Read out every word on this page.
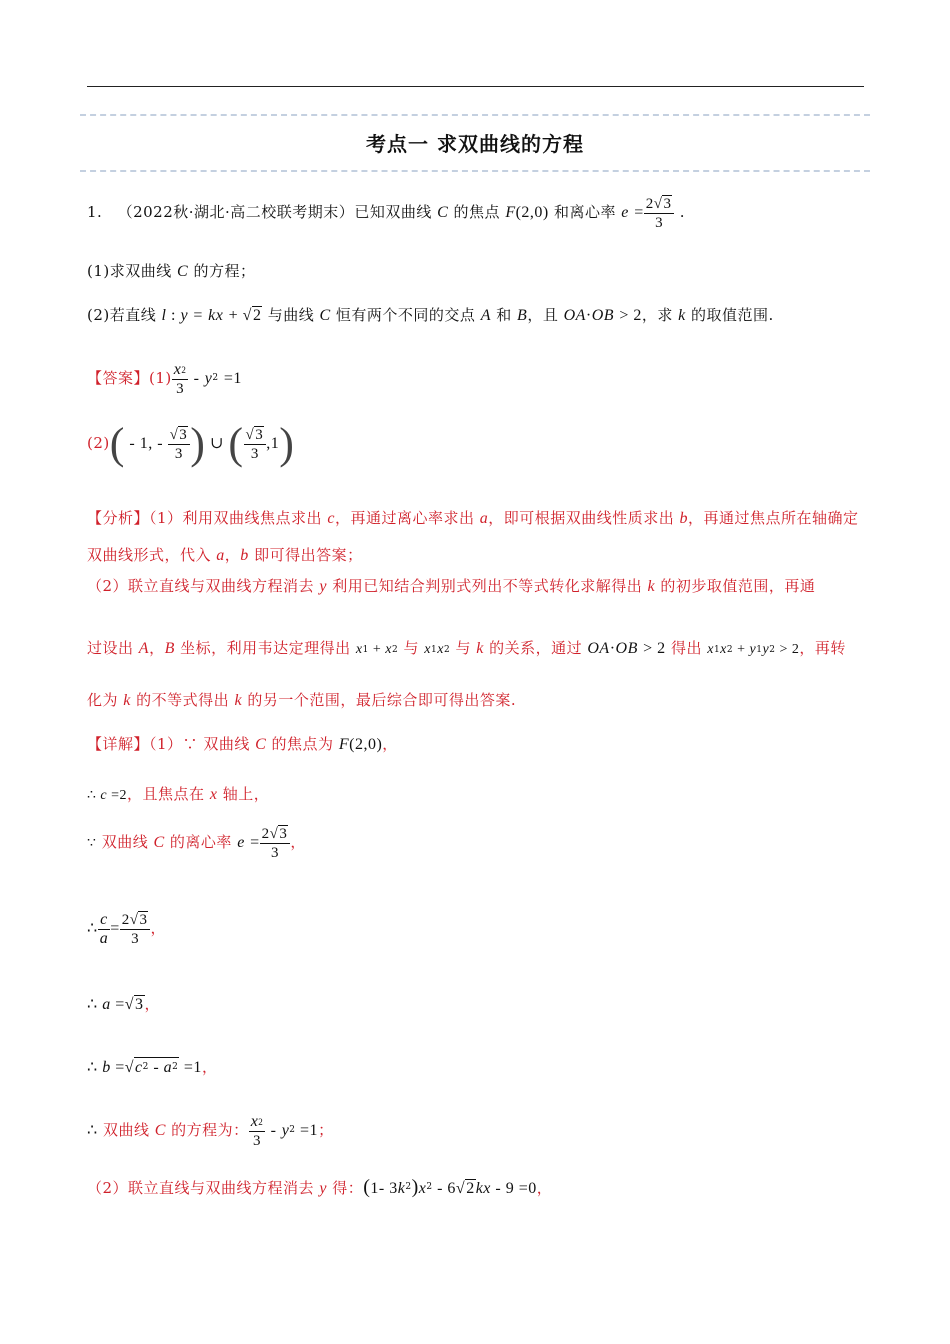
考点一 求双曲线的方程
1. （2022秋·湖北·高二校联考期末）已知双曲线 C 的焦点 F(2,0) 和离心率 $e = \frac{2√3}{3}$ .
(1)求双曲线 C 的方程；
(2)若直线 l : y = kx + √2 与曲线 C 恒有两个不同的交点 A 和 B，且 OA·OB > 2，求 k 的取值范围.
【答案】$(1) \frac{x^2}{3} - y^2 =1$
(2)( - 1, - $\frac{√3}{3}$ ) ∪ ( $\frac{√3}{3} ,1$)
【分析】（1）利用双曲线焦点求出 c，再通过离心率求出 a，即可根据双曲线性质求出 b，再通过焦点所在轴确定双曲线形式，代入 a，b 即可得出答案；
（2）联立直线与双曲线方程消去 y 利用已知结合判别式列出不等式转化求解得出 k 的初步取值范围，再通
过设出 A，B 坐标，利用韦达定理得出 x1 + x2 与 x1x2 与 k 的关系，通过 OA·OB > 2 得出 x1x2 + y1y2 > 2，再转
化为 k 的不等式得出 k 的另一个范围，最后综合即可得出答案.
【详解】（1）∵ 双曲线 C 的焦点为 F(2,0)，
∴ c =2，且焦点在 x 轴上，
∵ 双曲线 C 的离心率 $e = \frac{2√3}{3}$ ，
∴ $\frac{c}{a} = \frac{2√3}{3}$ ，
∴ a =√3，
∴ $b =√c^2 - a^2 =1$，
∴ 双曲线 C 的方程为： $\frac{x^2}{3} - y^2 =1$；
（2）联立直线与双曲线方程消去 y 得：(1- $3k^2)x^2 - 6√2kx - 9 =0$，
